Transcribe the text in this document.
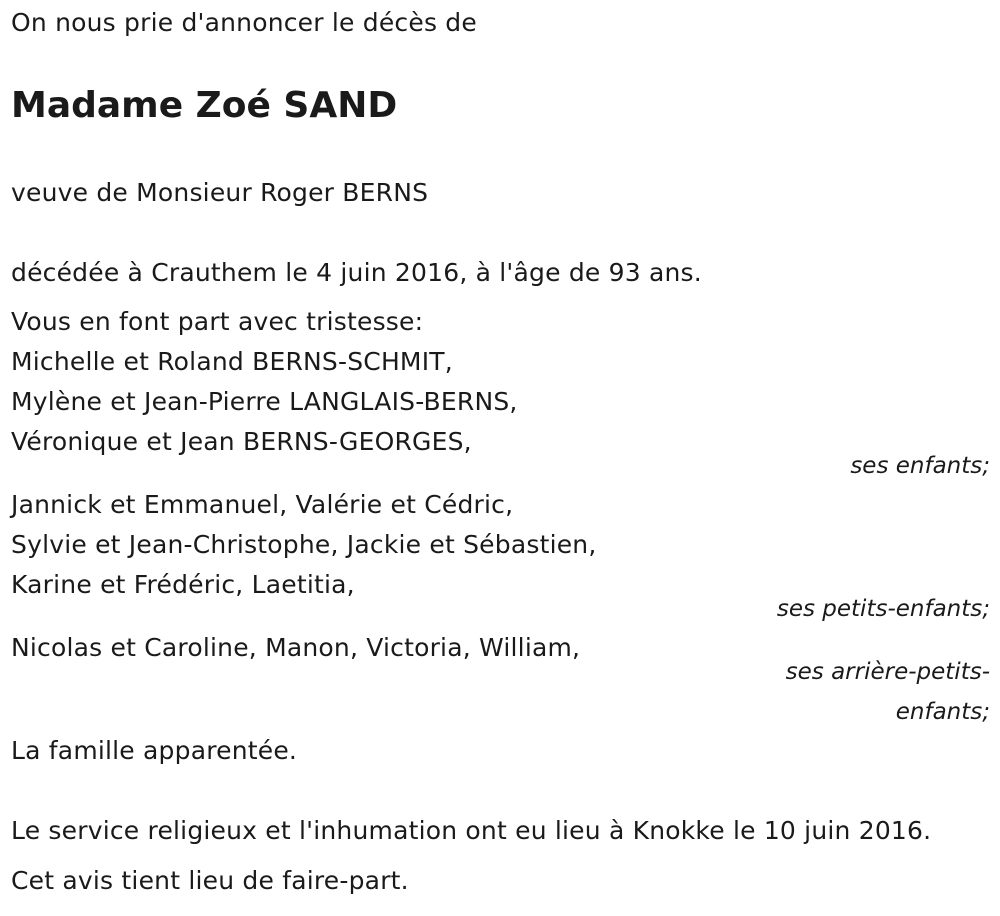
On nous prie d'annoncer le décès de
Madame Zoé SAND
veuve de Monsieur Roger BERNS
décédée à Crauthem le 4 juin 2016, à l'âge de 93 ans.
Vous en font part avec tristesse:
Michelle et Roland BERNS-SCHMIT,
Mylène et Jean-Pierre LANGLAIS-BERNS,
Véronique et Jean BERNS-GEORGES,
ses enfants;
Jannick et Emmanuel, Valérie et Cédric,
Sylvie et Jean-Christophe, Jackie et Sébastien,
Karine et Frédéric, Laetitia,
ses petits-enfants;
Nicolas et Caroline, Manon, Victoria, William,
ses arrière-petits-
enfants;
La famille apparentée.
Le service religieux et l'inhumation ont eu lieu à Knokke le 10 juin 2016.
Cet avis tient lieu de faire-part.
